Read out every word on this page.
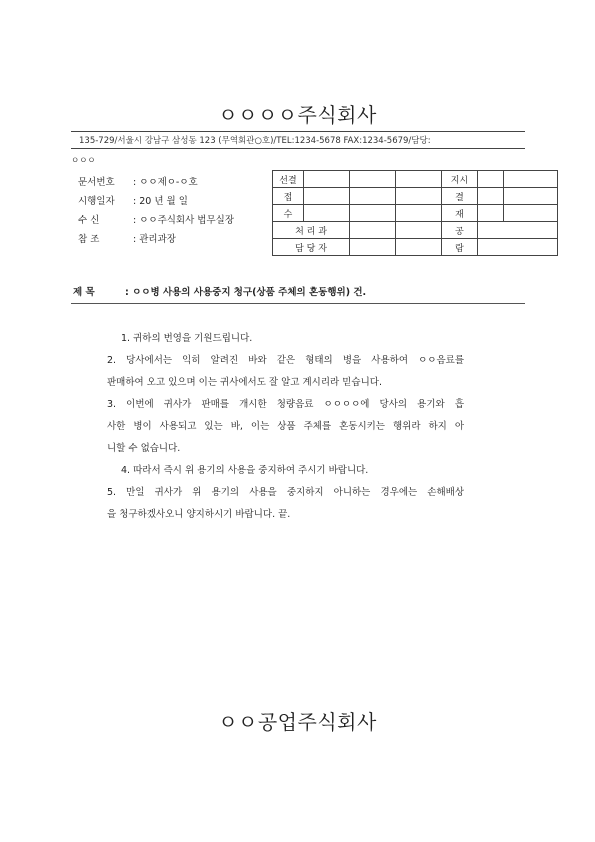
ㅇㅇㅇㅇ주식회사
135-729/서울시 강남구 삼성동 123 (무역회관○호)/TEL:1234-5678 FAX:1234-5679/담당:
ㅇㅇㅇ
문서번호 : ㅇㅇ제ㅇ-ㅇ호
시행일자 : 20 년 월 일
수 신	: ㅇㅇ주식회사 법무실장
참 조	: 관리과장
선결				지시		
접				결		
수				재		
처 리 과				공		
담 당 자				람		
제 목	: ㅇㅇ병 사용의 사용중지 청구(상품 주체의 혼동행위) 건.
1. 귀하의 번영을 기원드립니다.
2. 당사에서는 익히 알려진 바와 같은 형태의 병을 사용하여 ㅇㅇ음료를
판매하여 오고 있으며 이는 귀사에서도 잘 알고 계시리라 믿습니다.
3. 이번에 귀사가 판매를 개시한 청량음료 ㅇㅇㅇㅇ에 당사의 용기와 흡
사한 병이 사용되고 있는 바, 이는 상품 주체를 혼동시키는 행위라 하지 아
니할 수 없습니다.
4. 따라서 즉시 위 용기의 사용을 중지하여 주시기 바랍니다.
5. 만일 귀사가 위 용기의 사용을 중지하지 아니하는 경우에는 손해배상
을 청구하겠사오니 양지하시기 바랍니다. 끝.
ㅇㅇ공업주식회사
